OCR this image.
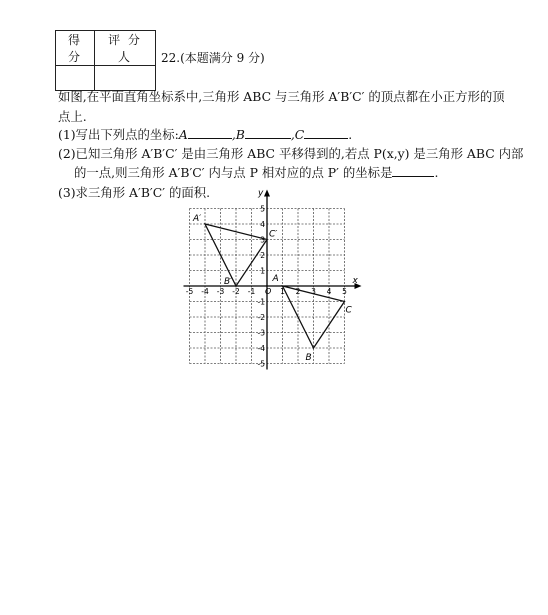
得 分	评 分 人
	22.(本题满分 9 分)
如图,在平面直角坐标系中,三角形 ABC 与三角形 A′B′C′ 的顶点都在小正方形的顶
点上.
(1)写出下列点的坐标:A	,B	,C	.
(2)已知三角形 A′B′C′ 是由三角形 ABC 平移得到的,若点 P(x,y) 是三角形 ABC 内部
的一点,则三角形 A′B′C′ 内与点 P 相对应的点 P′ 的坐标是	.
(3)求三角形 A′B′C′ 的面积.
x
y
O
-5 -4 -3 -2 -1	1 2 3 4 5
5
4
3
2
1
-1
-2
-3
-4
-5
A
B
C
A′
B′
C′
